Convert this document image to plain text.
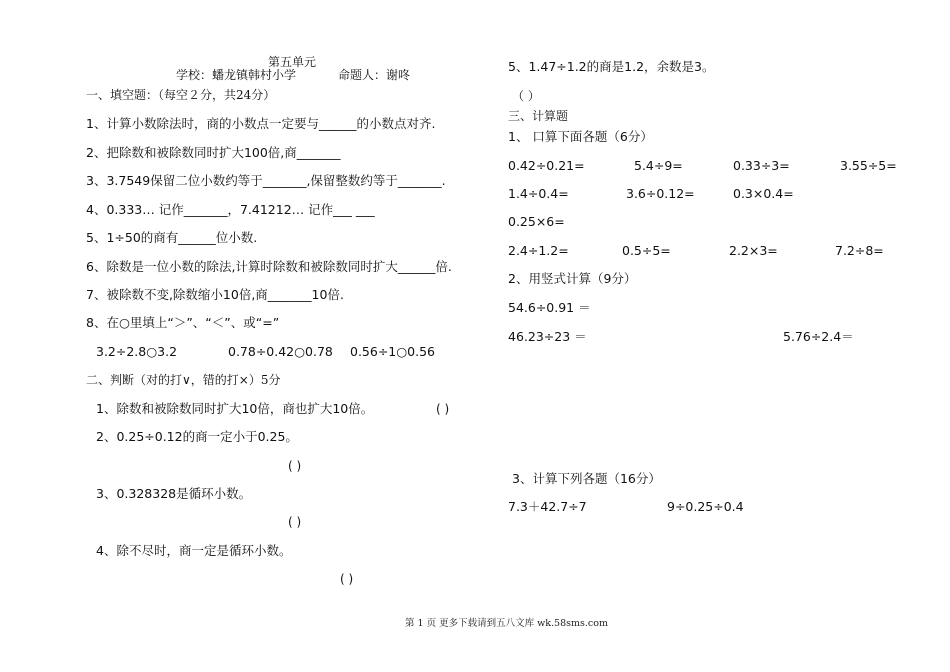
第五单元
学校：蟠龙镇韩村小学	命题人：谢咚
一、填空题：（每空２分，共24分）
1、计算小数除法时，商的小数点一定要与______的小数点对齐.
2、把除数和被除数同时扩大100倍,商_______
3、3.7549保留二位小数约等于_______,保留整数约等于_______.
4、0.333… 记作_______，7.41212… 记作___ ___
5、1÷50的商有______位小数.
6、除数是一位小数的除法,计算时除数和被除数同时扩大______倍.
7、被除数不变,除数缩小10倍,商_______10倍.
8、在○里填上“＞”、“＜”、或“=”
3.2÷2.8○3.2	0.78÷0.42○0.78 0.56÷1○0.56
二、判断（对的打∨，错的打×）5分
1、除数和被除数同时扩大10倍，商也扩大10倍。	( )
2、0.25÷0.12的商一定小于0.25。
( )
3、0.328328是循环小数。
( )
4、除不尽时，商一定是循环小数。
( )
5、1.47÷1.2的商是1.2，余数是3。
（ ）
三、计算题
1、 口算下面各题（6分）
0.42÷0.21=	5.4÷9=	0.33÷3=	3.55÷5=
1.4÷0.4=	3.6÷0.12=	0.3×0.4=
0.25×6=
2.4÷1.2=	0.5÷5=	2.2×3=	7.2÷8=
2、用竖式计算（9分）
54.6÷0.91 ＝
46.23÷23 ＝	5.76÷2.4＝
3、计算下列各题（16分）
7.3＋42.7÷7	9÷0.25÷0.4
第 1 页 更多下载请到五八文库 wk.58sms.com
